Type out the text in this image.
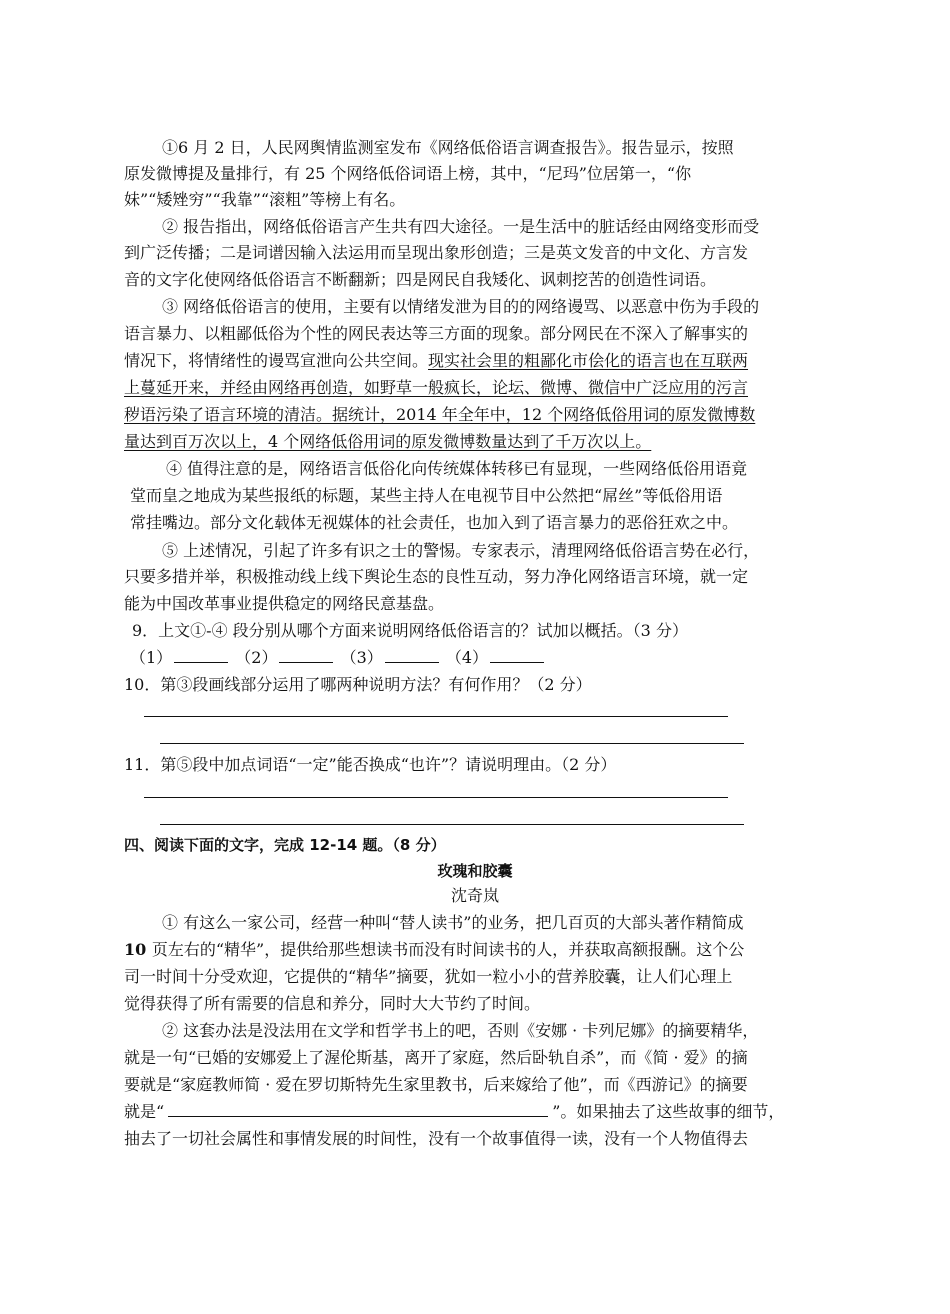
①6 月 2 日，人民网舆情监测室发布《网络低俗语言调查报告》。报告显示，按照
原发微博提及量排行，有 25 个网络低俗词语上榜，其中，“尼玛”位居第一，“你
妹”“矮矬穷”“我靠”“滚粗”等榜上有名。
② 报告指出，网络低俗语言产生共有四大途径。一是生活中的脏话经由网络变形而受
到广泛传播；二是词谱因输入法运用而呈现出象形创造；三是英文发音的中文化、方言发
音的文字化使网络低俗语言不断翻新；四是网民自我矮化、讽刺挖苦的创造性词语。
③ 网络低俗语言的使用，主要有以情绪发泄为目的的网络谩骂、以恶意中伤为手段的
语言暴力、以粗鄙低俗为个性的网民表达等三方面的现象。部分网民在不深入了解事实的
情况下，将情绪性的谩骂宣泄向公共空间。现实社会里的粗鄙化市侩化的语言也在互联两
上蔓延开来，并经由网络再创造，如野草一般疯长，论坛、微博、微信中广泛应用的污言
秽语污染了语言环境的清洁。据统计，2014 年全年中，12 个网络低俗用词的原发微博数
量达到百万次以上，4 个网络低俗用词的原发微博数量达到了千万次以上。
④ 值得注意的是，网络语言低俗化向传统媒体转移已有显现，一些网络低俗用语竟
堂而皇之地成为某些报纸的标题，某些主持人在电视节目中公然把“屌丝”等低俗用语
常挂嘴边。部分文化载体无视媒体的社会责任，也加入到了语言暴力的恶俗狂欢之中。
⑤ 上述情况，引起了许多有识之士的警惕。专家表示，清理网络低俗语言势在必行，
只要多措并举，积极推动线上线下舆论生态的良性互动，努力净化网络语言环境，就一定
能为中国改革事业提供稳定的网络民意基盘。
9．上文①-④ 段分别从哪个方面来说明网络低俗语言的？试加以概括。（3 分）
（1）	（2）	（3）	（4）
10．第③段画线部分运用了哪两种说明方法？有何作用？（2 分）
11．第⑤段中加点词语“一定”能否换成“也许”？请说明理由。（2 分）
四、阅读下面的文字，完成 12-14 题。（8 分）
玫瑰和胶囊
沈奇岚
① 有这么一家公司，经营一种叫“替人读书”的业务，把几百页的大部头著作精简成
10 页左右的“精华”，提供给那些想读书而没有时间读书的人，并获取高额报酬。这个公
司一时间十分受欢迎，它提供的“精华”摘要，犹如一粒小小的营养胶囊，让人们心理上
觉得获得了所有需要的信息和养分，同时大大节约了时间。
② 这套办法是没法用在文学和哲学书上的吧，否则《安娜 · 卡列尼娜》的摘要精华，
就是一句“已婚的安娜爱上了渥伦斯基，离开了家庭，然后卧轨自杀”，而《简 · 爱》的摘
要就是“家庭教师简 · 爱在罗切斯特先生家里教书，后来嫁给了他”，而《西游记》的摘要
就是“	”。如果抽去了这些故事的细节，
抽去了一切社会属性和事情发展的时间性，没有一个故事值得一读，没有一个人物值得去
